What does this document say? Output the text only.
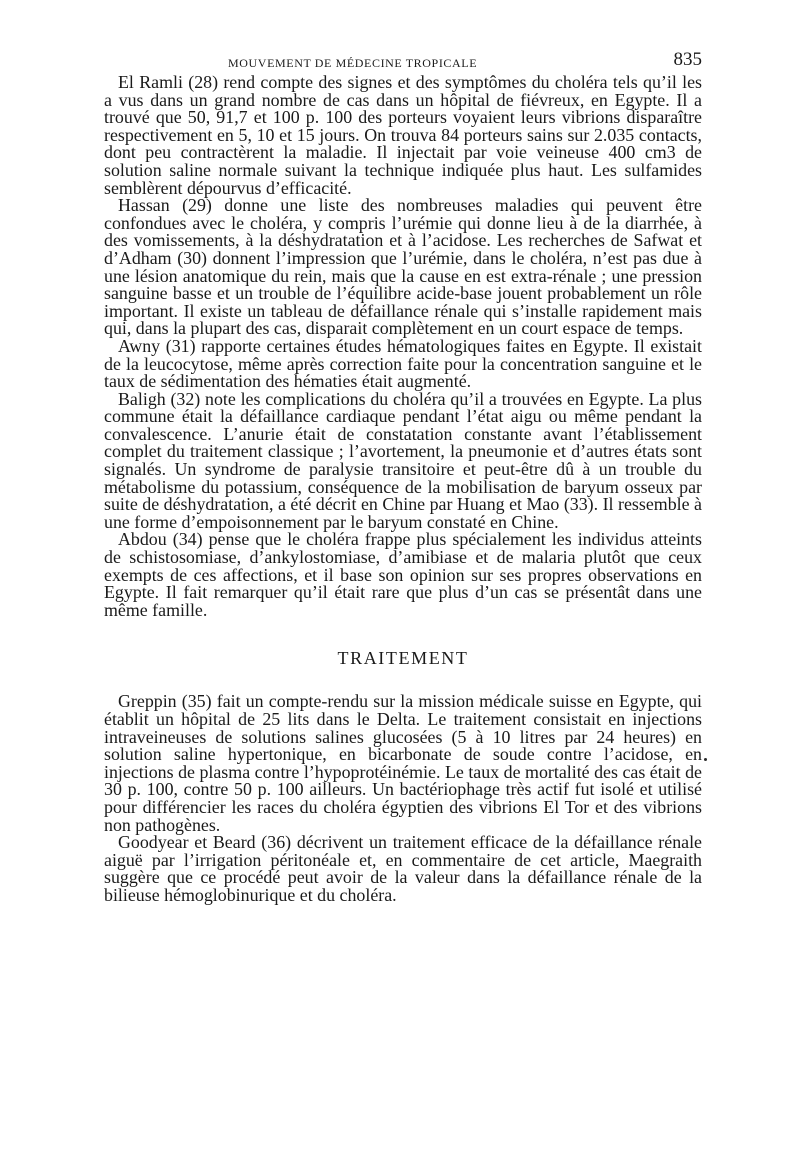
MOUVEMENT DE MÉDECINE TROPICALE	835

El Ramli (28) rend compte des signes et des symptômes du choléra tels qu’il les a vus dans un grand nombre de cas dans un hôpital de fiévreux, en Egypte. Il a trouvé que 50, 91,7 et 100 p. 100 des porteurs voyaient leurs vibrions disparaître respectivement en 5, 10 et 15 jours. On trouva 84 porteurs sains sur 2.035 contacts, dont peu contractèrent la maladie. Il injectait par voie veineuse 400 cm3 de solution saline normale suivant la technique indiquée plus haut. Les sulfamides semblèrent dépourvus d’efficacité.

Hassan (29) donne une liste des nombreuses maladies qui peuvent être confondues avec le choléra, y compris l’urémie qui donne lieu à de la diarrhée, à des vomissements, à la déshydratation et à l’acidose. Les recherches de Safwat et d’Adham (30) donnent l’impression que l’urémie, dans le choléra, n’est pas due à une lésion anatomique du rein, mais que la cause en est extra-rénale ; une pression sanguine basse et un trouble de l’équilibre acide-base jouent probablement un rôle important. Il existe un tableau de défaillance rénale qui s’installe rapidement mais qui, dans la plupart des cas, disparait complètement en un court espace de temps.

Awny (31) rapporte certaines études hématologiques faites en Egypte. Il existait de la leucocytose, même après correction faite pour la concentration sanguine et le taux de sédimentation des hématies était augmenté.

Baligh (32) note les complications du choléra qu’il a trouvées en Egypte. La plus commune était la défaillance cardiaque pendant l’état aigu ou même pendant la convalescence. L’anurie était de constatation constante avant l’établissement complet du traitement classique ; l’avortement, la pneumonie et d’autres états sont signalés. Un syndrome de paralysie transitoire et peut-être dû à un trouble du métabolisme du potassium, conséquence de la mobilisation de baryum osseux par suite de déshydratation, a été décrit en Chine par Huang et Mao (33). Il ressemble à une forme d’empoisonnement par le baryum constaté en Chine.

Abdou (34) pense que le choléra frappe plus spécialement les individus atteints de schistosomiase, d’ankylostomiase, d’amibiase et de malaria plutôt que ceux exempts de ces affections, et il base son opinion sur ses propres observations en Egypte. Il fait remarquer qu’il était rare que plus d’un cas se présentât dans une même famille.

TRAITEMENT

Greppin (35) fait un compte-rendu sur la mission médicale suisse en Egypte, qui établit un hôpital de 25 lits dans le Delta. Le traitement consistait en injections intraveineuses de solutions salines glucosées (5 à 10 litres par 24 heures) en solution saline hypertonique, en bicarbonate de soude contre l’acidose, en injections de plasma contre l’hypoprotéinémie. Le taux de mortalité des cas était de 30 p. 100, contre 50 p. 100 ailleurs. Un bactériophage très actif fut isolé et utilisé pour différencier les races du choléra égyptien des vibrions El Tor et des vibrions non pathogènes.

Goodyear et Beard (36) décrivent un traitement efficace de la défaillance rénale aiguë par l’irrigation péritonéale et, en commentaire de cet article, Maegraith suggère que ce procédé peut avoir de la valeur dans la défaillance rénale de la bilieuse hémoglobinurique et du choléra.
